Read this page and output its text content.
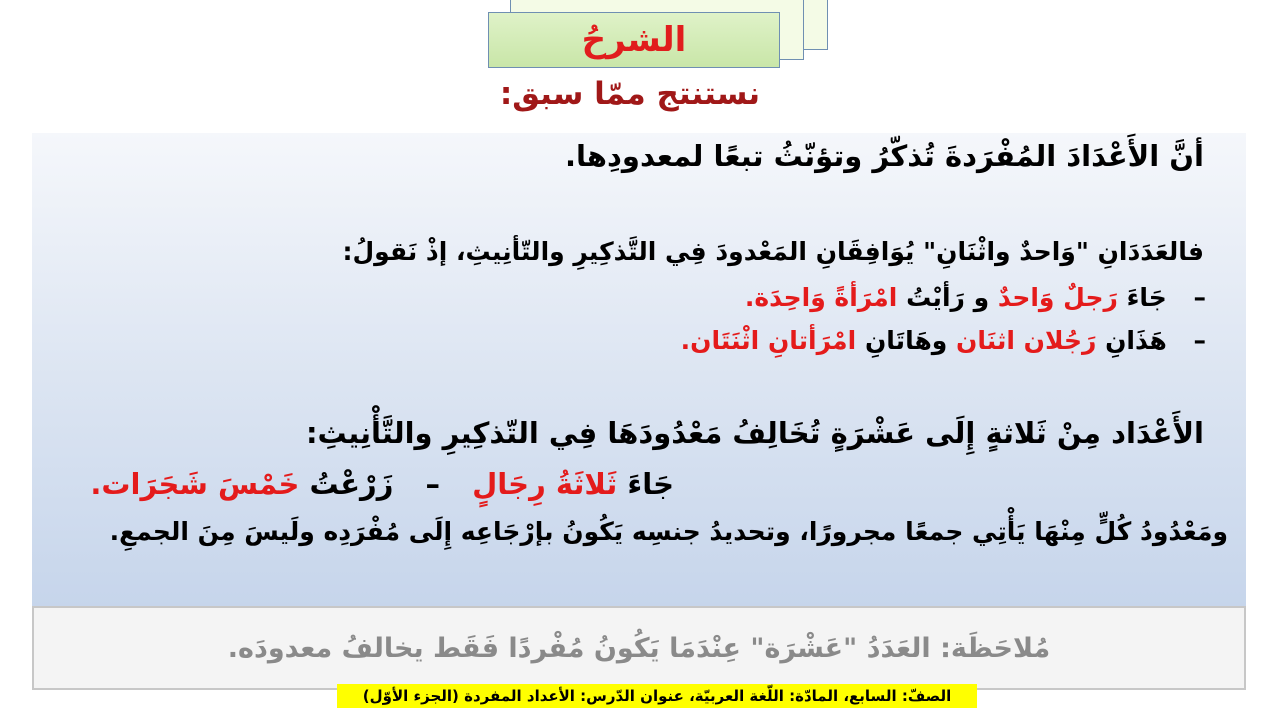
الشرحُ
نستنتج ممّا سبق:
أنَّ الأَعْدَادَ المُفْرَدةَ تُذكّرُ وتؤنّثُ تبعًا لمعدودِها.
فالعَدَدَانِ "وَاحدٌ واثْنَانِ" يُوَافِقَانِ المَعْدودَ فِي التَّذكِيرِ والتّأنِيثِ، إذْ نَقولُ:
– جَاءَ رَجلٌ وَاحدٌ و رَأيْتُ امْرَأةً وَاحِدَة.
– هَذَانِ رَجُلان اثنَان وهَاتَانِ امْرَأتانِ اثْنَتَان.
الأَعْدَاد مِنْ ثَلاثةٍ إِلَى عَشْرَةٍ تُخَالِفُ مَعْدُودَهَا فِي التّذكِيرِ والتَّأْنِيثِ:
جَاءَ ثَلاثَةُ رِجَالٍ – زَرْعْتُ خَمْسَ شَجَرَات.
ومَعْدُودُ كُلٍّ مِنْهَا يَأْتِي جمعًا مجرورًا، وتحديدُ جنسِه يَكُونُ بإرْجَاعِه إِلَى مُفْرَدِه ولَيسَ مِنَ الجمعِ.
مُلاحَظَة: العَدَدُ "عَشْرَة" عِنْدَمَا يَكُونُ مُفْردًا فَقَط يخالفُ معدودَه.
الصفّ: السابع، المادّة: اللّغة العربيّة، عنوان الدّرس: الأعداد المفردة (الجزء الأوّل)
